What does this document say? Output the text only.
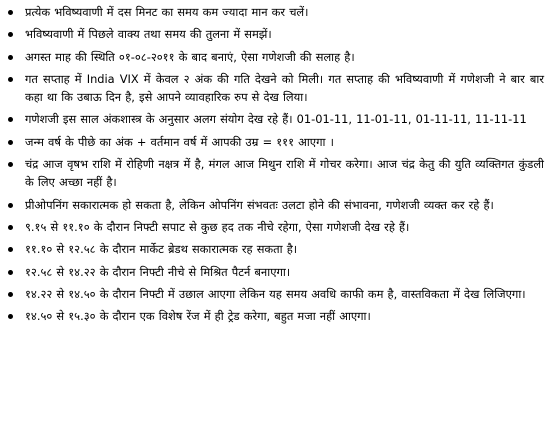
प्रत्येक भविष्यवाणी में दस मिनट का समय कम ज्यादा मान कर चलें।
भविष्यवाणी में पिछले वाक्य तथा समय की तुलना में समझें।
अगस्त माह की स्थिति ०१-०८-२०११ के बाद बनाएं, ऐसा गणेशजी की सलाह है।
गत सप्ताह में India VIX में केवल २ अंक की गति देखने को मिली। गत सप्ताह की भविष्यवाणी में गणेशजी ने बार बार कहा था कि उबाऊ दिन है, इसे आपने व्यावहारिक रुप से देख लिया।
गणेशजी इस साल अंकशास्त्र के अनुसार अलग संयोग देख रहे हैं। 01-01-11, 11-01-11, 01-11-11, 11-11-11
जन्म वर्ष के पीछे का अंक + वर्तमान वर्ष में आपकी उम्र = १११ आएगा ।
चंद्र आज वृषभ राशि में रोहिणी नक्षत्र में है, मंगल आज मिथुन राशि में गोचर करेगा। आज चंद्र केतु की युति व्यक्तिगत कुंडली के लिए अच्छा नहीं है।
प्रीओपनिंग सकारात्मक हो सकता है, लेकिन ओपनिंग संभवतः उलटा होने की संभावना, गणेशजी व्यक्त कर रहे हैं।
९.१५ से ११.१० के दौरान निफ्टी सपाट से कुछ हद तक नीचे रहेगा, ऐसा गणेशजी देख रहे हैं।
११.१० से १२.५८ के दौरान मार्केट ब्रेडथ सकारात्मक रह सकता है।
१२.५८ से १४.२२ के दौरान निफ्टी नीचे से मिश्रित पैटर्न बनाएगा।
१४.२२ से १४.५० के दौरान निफ्टी में उछाल आएगा लेकिन यह समय अवधि काफी कम है, वास्तविकता में देख लिजिएगा।
१४.५० से १५.३० के दौरान एक विशेष रेंज में ही ट्रेड करेगा, बहुत मजा नहीं आएगा।
